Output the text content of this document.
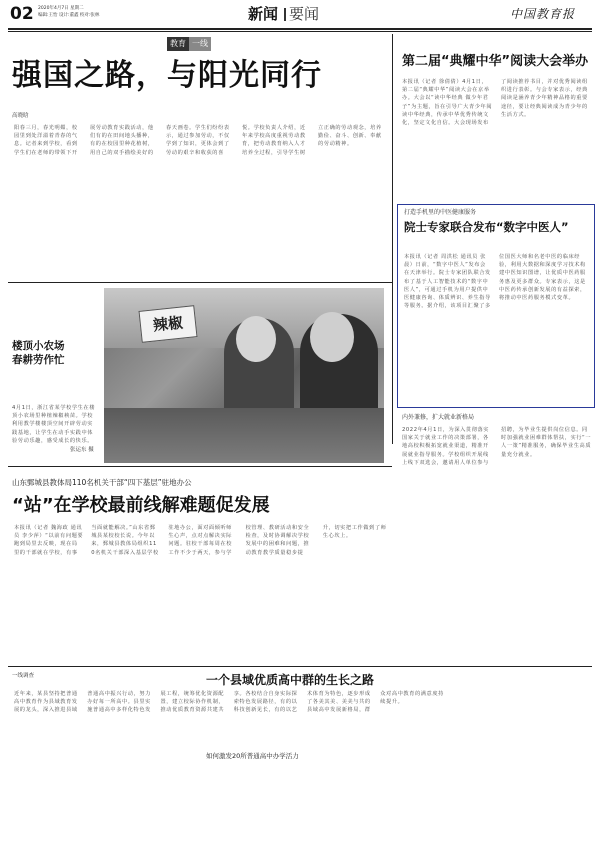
02 2020年4月7日 星期二
编辑:王怡 设计:董鑫 校对:张林	新闻 要闻	中国教育报
教育 一线
强国之路，与阳光同行
高晓晗
阳春三月，春光明媚，校园里到处洋溢着青春的气息。记者来到学校，看到学生们在老师的带领下开展劳动教育实践活动，他们有的在田间地头播种，有的在校园里种花植树，用自己的双手描绘美好的春天画卷。学生们纷纷表示，通过参加劳动，不仅学到了知识，更体会到了劳动的艰辛和收获的喜悦。学校负责人介绍，近年来学校高度重视劳动教育，把劳动教育纳入人才培养全过程，引导学生树立正确的劳动观念，培养勤俭、奋斗、创新、奉献的劳动精神。
第二届“典耀中华”阅读大会举办
本报讯（记者 徐倩倩）4月1日，第二届“典耀中华”阅读大会在京举办。大会以“读中华经典 做少年君子”为主题，旨在引导广大青少年阅读中华经典，传承中华优秀传统文化，坚定文化自信。大会现场发布了阅读推荐书目，并对优秀阅读组织进行表彰。与会专家表示，经典阅读是涵养青少年精神品格的重要途径，要让经典阅读成为青少年的生活方式。
打造手机里的中医健康服务
院士专家联合发布“数字中医人”
本报讯（记者 周洪松 通讯员 张晨）日前，“数字中医人”发布会在天津举行。院士专家团队联合发布了基于人工智能技术的“数字中医人”，可通过手机为用户提供中医健康咨询、体质辨识、养生指导等服务。据介绍，该项目汇聚了多位国医大师和名老中医的临床经验，利用大数据和深度学习技术构建中医知识图谱，让优质中医药服务惠及更多群众。专家表示，这是中医药传承创新发展的有益探索，将推动中医药服务模式变革。
楼顶小农场
春耕劳作忙
辣椒
4月1日，浙江省某学校学生在楼顶小农场里种植辣椒秧苗。学校利用教学楼楼顶空间开辟劳动实践基地，让学生在动手实践中体验劳动乐趣，感受成长的快乐。
张运东 摄
内外兼修，扩大就业新格局
2022年4月1日，为深入贯彻落实国家关于就业工作的决策部署，各地高校积极拓宽就业渠道，精准开展就业指导服务。学校组织开展线上线下双选会，邀请用人单位参与招聘，为毕业生提供岗位信息。同时加强就业困难群体帮扶，实行“一人一策”精准服务，确保毕业生高质量充分就业。
山东鄄城县教体局110名机关干部“四下基层”驻地办公
“站”在学校最前线解难题促发展
本报讯（记者 魏海政 通讯员 李少萍）“以前有问题要跑到局里去反映，现在局里的干部就在学校，有事当面就能解决。”山东省鄄城县某校校长说。今年以来，鄄城县教体局组织110名机关干部深入基层学校驻地办公，面对面倾听师生心声，点对点解决实际问题。驻校干部每周在校工作不少于两天，参与学校管理、教研活动和安全检查，及时协调解决学校发展中的困难和问题，推动教育教学质量稳步提升，切实把工作做到了师生心坎上。
一线调查	一个县域优质高中群的生长之路
如何激发20所普通高中办学活力
近年来，某县坚持把普通高中教育作为县域教育发展的龙头，深入推进县域普通高中振兴行动，努力办好每一所高中。县里实施普通高中多样化特色发展工程，统筹优化资源配置，建立校际协作机制，推动优质教育资源共建共享。各校结合自身实际探索特色发展路径，有的以科技创新见长，有的以艺术体育为特色，逐步形成了各美其美、美美与共的县域高中发展新格局，群众对高中教育的满意度持续提升。
